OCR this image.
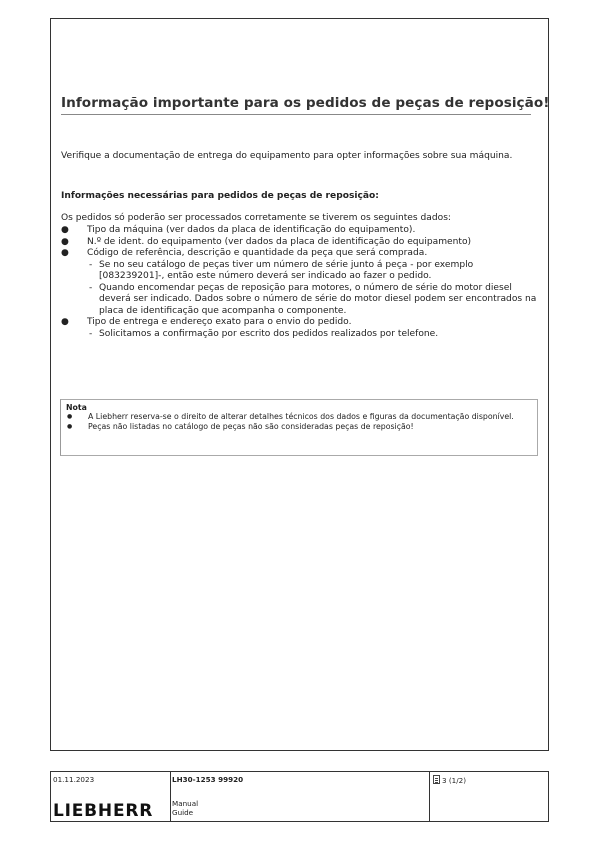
Informação importante para os pedidos de peças de reposição!
Verifique a documentação de entrega do equipamento para opter informações sobre sua máquina.
Informações necessárias para pedidos de peças de reposição:
Os pedidos só poderão ser processados corretamente se tiverem os seguintes dados:
● Tipo da máquina (ver dados da placa de identificação do equipamento).
● N.º de ident. do equipamento (ver dados da placa de identificação do equipamento)
● Código de referência, descrição e quantidade da peça que será comprada.
- Se no seu catálogo de peças tiver um número de série junto á peça - por exemplo [083239201]-, então este número deverá ser indicado ao fazer o pedido.
- Quando encomendar peças de reposição para motores, o número de série do motor diesel deverá ser indicado. Dados sobre o número de série do motor diesel podem ser encontrados na placa de identificação que acompanha o componente.
● Tipo de entrega e endereço exato para o envio do pedido.
- Solicitamos a confirmação por escrito dos pedidos realizados por telefone.
Nota
● A Liebherr reserva-se o direito de alterar detalhes técnicos dos dados e figuras da documentação disponível.
● Peças não listadas no catálogo de peças não são consideradas peças de reposição!
01.11.2023	LH30-1253 99920	3 (1/2)
Manual
Guide
LIEBHERR
